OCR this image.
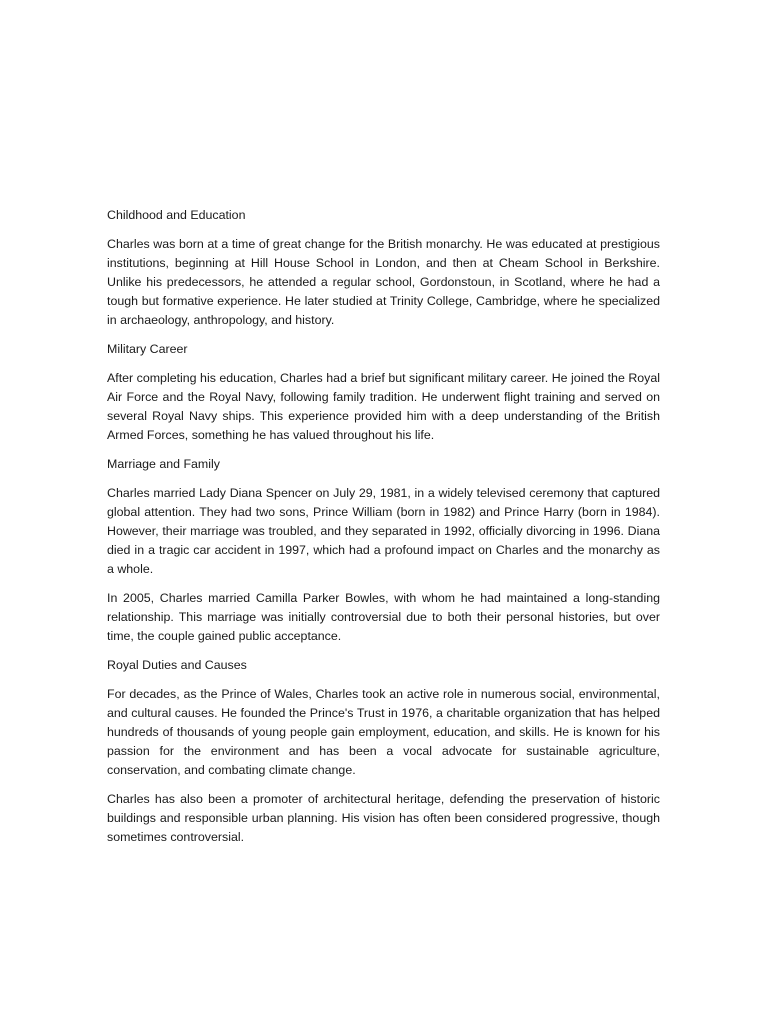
Childhood and Education

Charles was born at a time of great change for the British monarchy. He was educated at prestigious institutions, beginning at Hill House School in London, and then at Cheam School in Berkshire. Unlike his predecessors, he attended a regular school, Gordonstoun, in Scotland, where he had a tough but formative experience. He later studied at Trinity College, Cambridge, where he specialized in archaeology, anthropology, and history.

Military Career

After completing his education, Charles had a brief but significant military career. He joined the Royal Air Force and the Royal Navy, following family tradition. He underwent flight training and served on several Royal Navy ships. This experience provided him with a deep understanding of the British Armed Forces, something he has valued throughout his life.

Marriage and Family

Charles married Lady Diana Spencer on July 29, 1981, in a widely televised ceremony that captured global attention. They had two sons, Prince William (born in 1982) and Prince Harry (born in 1984). However, their marriage was troubled, and they separated in 1992, officially divorcing in 1996. Diana died in a tragic car accident in 1997, which had a profound impact on Charles and the monarchy as a whole.

In 2005, Charles married Camilla Parker Bowles, with whom he had maintained a long-standing relationship. This marriage was initially controversial due to both their personal histories, but over time, the couple gained public acceptance.

Royal Duties and Causes

For decades, as the Prince of Wales, Charles took an active role in numerous social, environmental, and cultural causes. He founded the Prince's Trust in 1976, a charitable organization that has helped hundreds of thousands of young people gain employment, education, and skills. He is known for his passion for the environment and has been a vocal advocate for sustainable agriculture, conservation, and combating climate change.

Charles has also been a promoter of architectural heritage, defending the preservation of historic buildings and responsible urban planning. His vision has often been considered progressive, though sometimes controversial.
